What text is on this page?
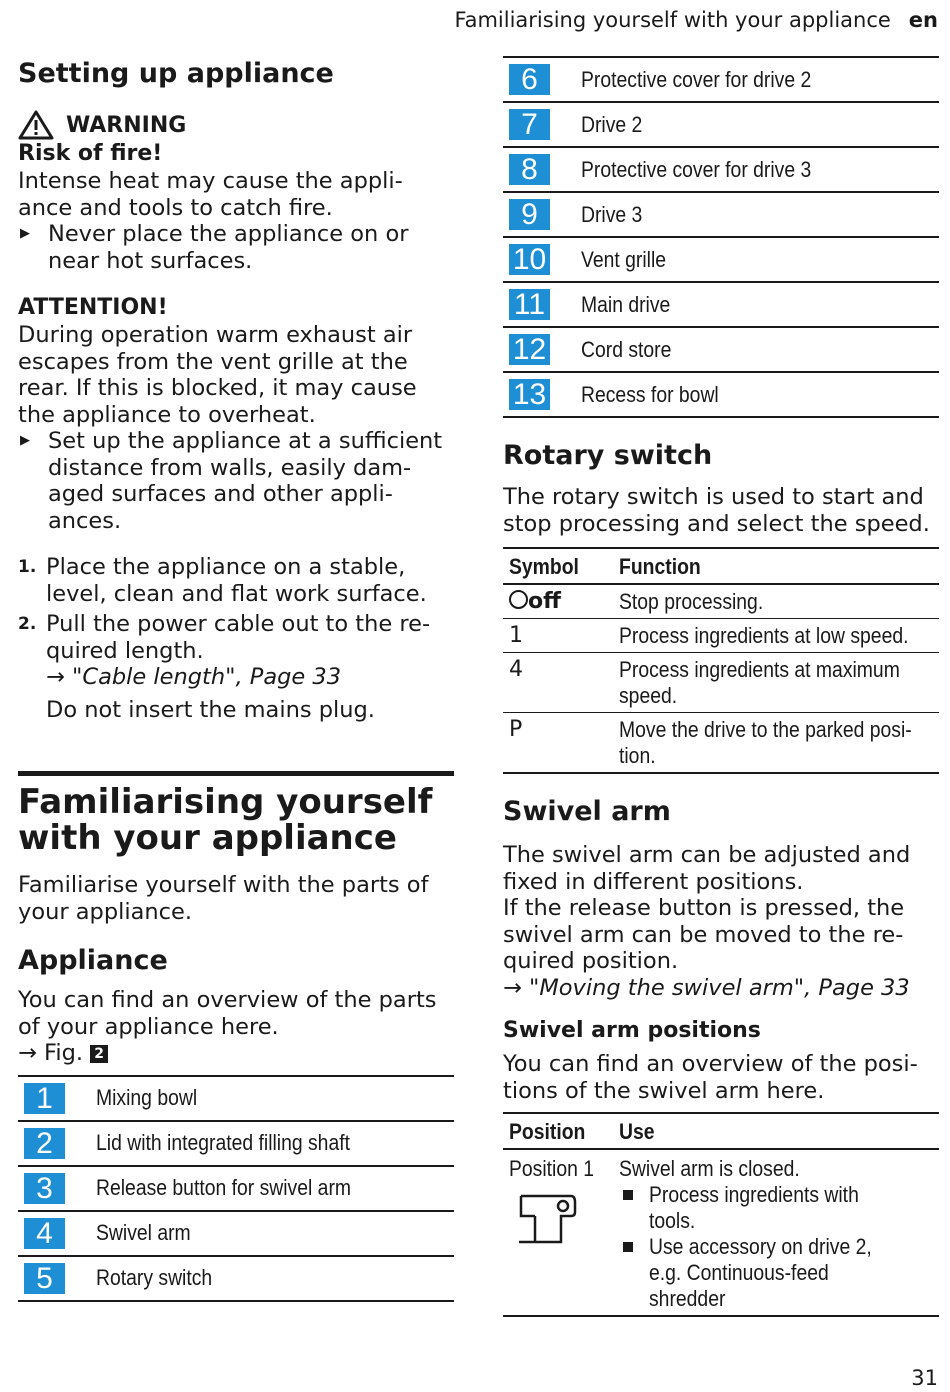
Familiarising yourself with your appliance en
Setting up appliance
WARNING
Risk of fire!

Intense heat may cause the appli-ance and tools to catch fire.

▶ Never place the appliance on or near hot surfaces.
ATTENTION!

During operation warm exhaust air escapes from the vent grille at the rear. If this is blocked, it may cause the appliance to overheat.

▶ Set up the appliance at a sufficient distance from walls, easily dam-aged surfaces and other appli-ances.
1. Place the appliance on a stable, level, clean and flat work surface.
2. Pull the power cable out to the re-quired length.
→ "Cable length", Page 33
Do not insert the mains plug.
Familiarising yourself with your appliance

Familiarise yourself with the parts of your appliance.

Appliance

You can find an overview of the parts of your appliance here.

→ Fig. 2
1	Mixing bowl

2	Lid with integrated filling shaft

3	Release button for swivel arm

4	Swivel arm

5	Rotary switch
6	Protective cover for drive 2

7	Drive 2

8	Protective cover for drive 3

9	Drive 3

10	Vent grille

11	Main drive

12	Cord store

13	Recess for bowl
Rotary switch

The rotary switch is used to start and stop processing and select the speed.

Symbol	Function
off	Stop processing.
1	Process ingredients at low speed.
4	Process ingredients at maximum speed.
P	Move the drive to the parked posi-tion.
Swivel arm

The swivel arm can be adjusted and fixed in different positions.

If the release button is pressed, the swivel arm can be moved to the re-quired position.

→ "Moving the swivel arm", Page 33
Swivel arm positions

You can find an overview of the posi-tions of the swivel arm here.

Position	Use
Position 1	Swivel arm is closed.
Process ingredients with tools.
Use accessory on drive 2, e.g. Continuous-feed shredder
31
